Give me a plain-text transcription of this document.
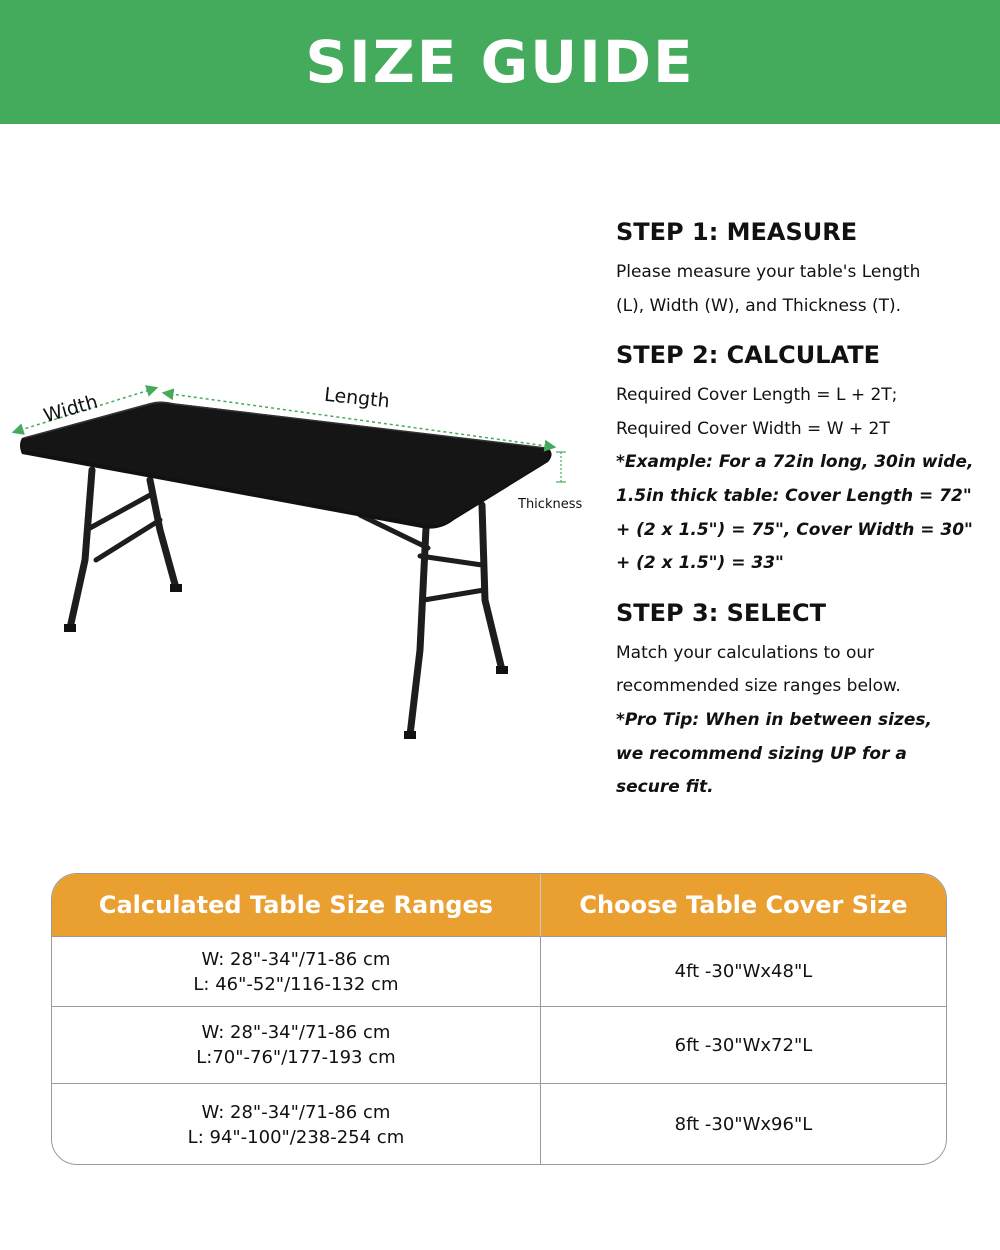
SIZE GUIDE
Width	Length
Thickness
STEP 1: MEASURE
Please measure your table's Length
(L), Width (W), and Thickness (T).
STEP 2: CALCULATE
Required Cover Length = L + 2T;
Required Cover Width = W + 2T
*Example: For a 72in long, 30in wide,
1.5in thick table: Cover Length = 72"
+ (2 x 1.5") = 75", Cover Width = 30"
+ (2 x 1.5") = 33"
STEP 3: SELECT
Match your calculations to our
recommended size ranges below.
*Pro Tip: When in between sizes,
we recommend sizing UP for a
secure fit.
Calculated Table Size Ranges	Choose Table Cover Size
W: 28"-34"/71-86 cm
L: 46"-52"/116-132 cm
4ft -30"Wx48"L
W: 28"-34"/71-86 cm
L:70"-76"/177-193 cm
6ft -30"Wx72"L
W: 28"-34"/71-86 cm
L: 94"-100"/238-254 cm
8ft -30"Wx96"L
